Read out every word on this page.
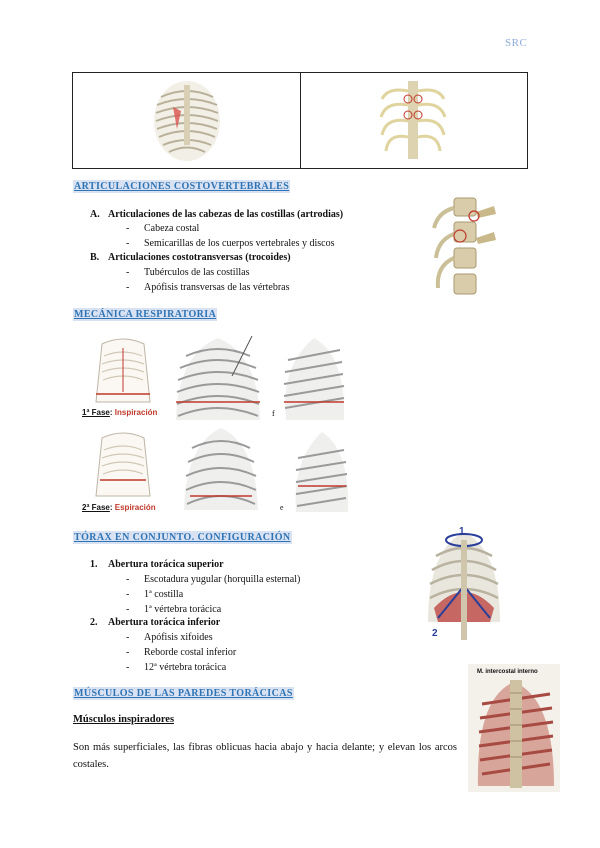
SRC
ARTICULACIONES COSTOVERTEBRALES
A. Articulaciones de las cabezas de las costillas (artrodias)
- Cabeza costal
- Semicarillas de los cuerpos vertebrales y discos
B. Articulaciones costotransversas (trocoides)
- Tubérculos de las costillas
- Apófisis transversas de las vértebras
MECÁNICA RESPIRATORIA
1ª Fase: Inspiración	f
2ª Fase: Espiración	e
TÓRAX EN CONJUNTO. CONFIGURACIÓN
1. Abertura torácica superior
- Escotadura yugular (horquilla esternal)
- 1ª costilla
- 1ª vértebra torácica
2. Abertura torácica inferior
- Apófisis xifoides
- Reborde costal inferior
- 12ª vértebra torácica
1
2
MÚSCULOS DE LAS PAREDES TORÁCICAS
Músculos inspiradores
Son más superficiales, las fibras oblicuas hacia abajo y hacia delante; y elevan los arcos costales.
M. intercostal interno
